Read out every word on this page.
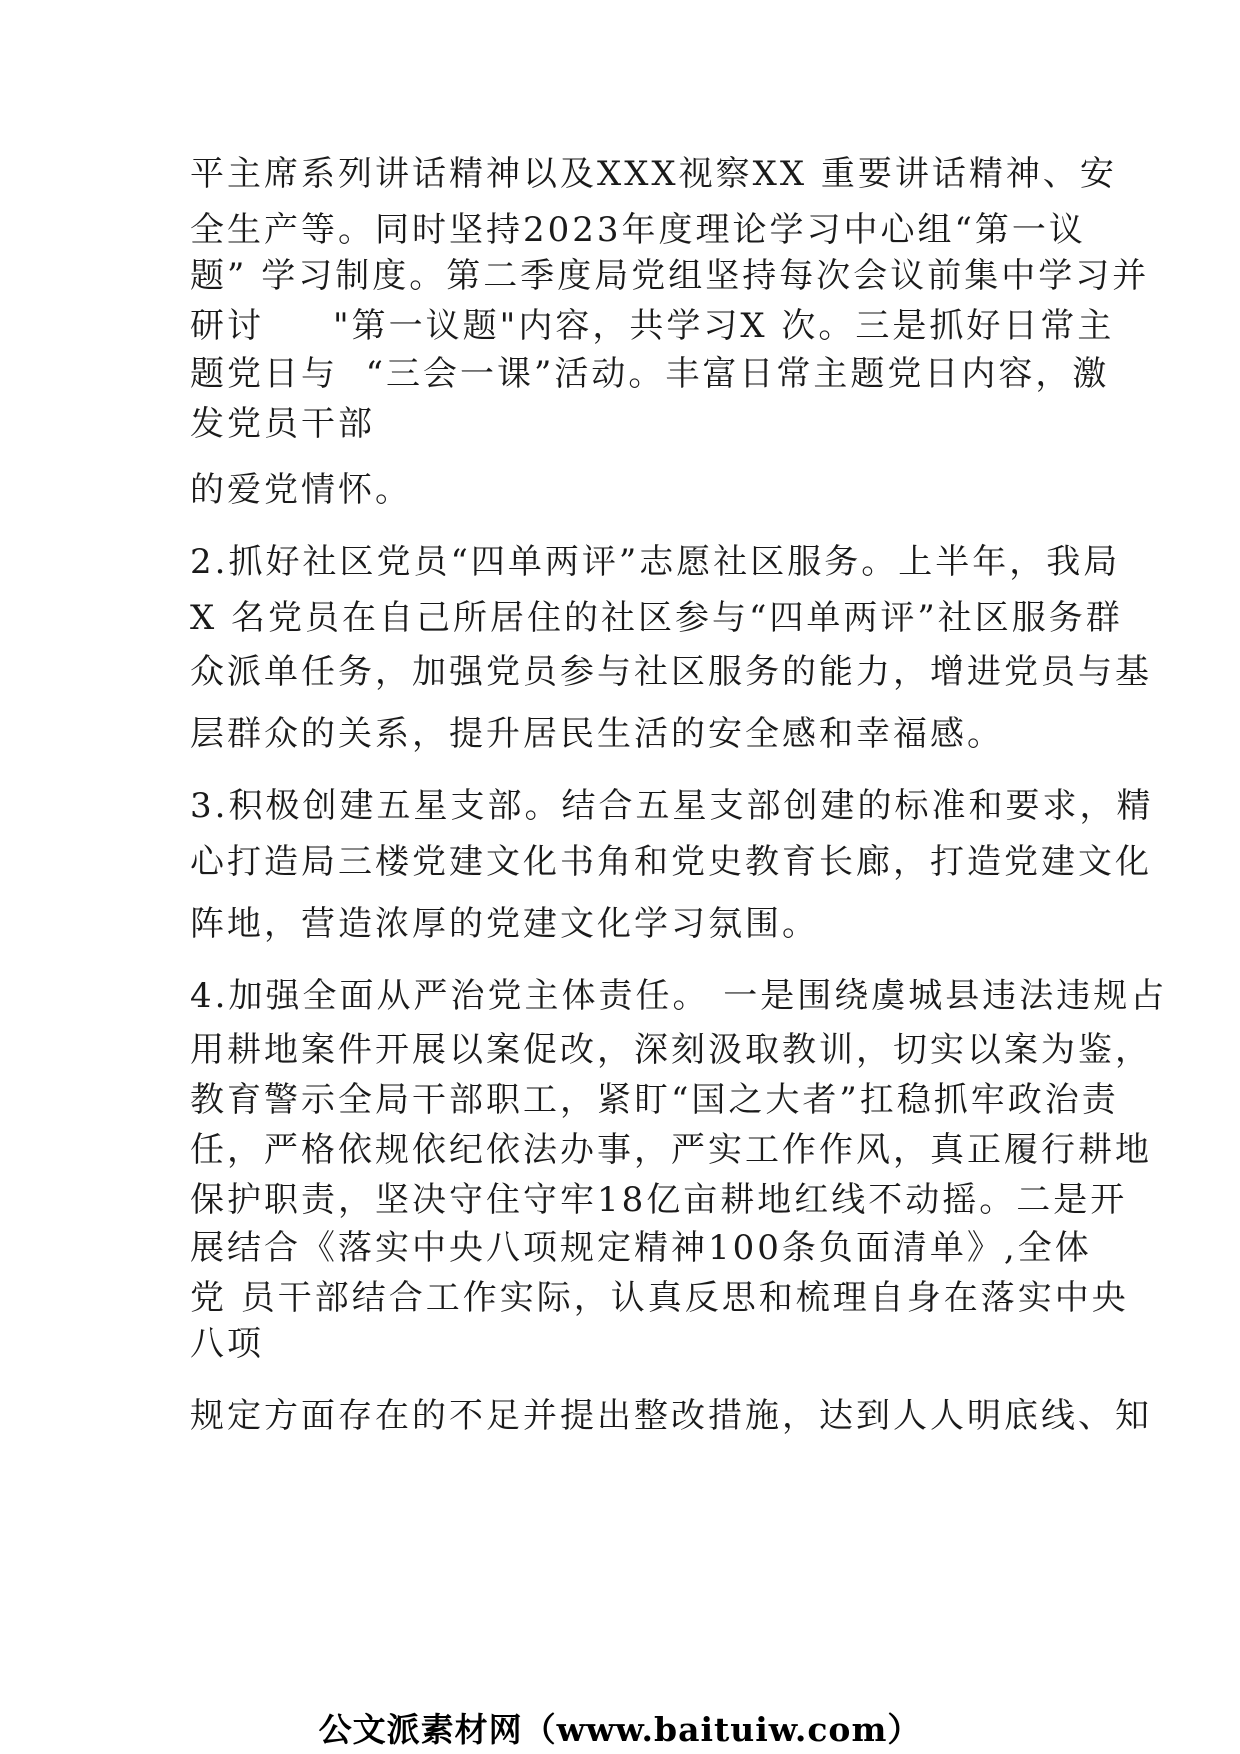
平主席系列讲话精神以及XXX视察XX 重要讲话精神、安

全生产等。同时坚持2023年度理论学习中心组“第一议

题” 学习制度。第二季度局党组坚持每次会议前集中学习并

研讨     "第一议题"内容，共学习X 次。三是抓好日常主

题党日与  “三会一课”活动。丰富日常主题党日内容，激

发党员干部

的爱党情怀。

2.抓好社区党员“四单两评”志愿社区服务。上半年，我局

X 名党员在自己所居住的社区参与“四单两评”社区服务群

众派单任务，加强党员参与社区服务的能力，增进党员与基

层群众的关系，提升居民生活的安全感和幸福感。

3.积极创建五星支部。结合五星支部创建的标准和要求，精

心打造局三楼党建文化书角和党史教育长廊，打造党建文化

阵地，营造浓厚的党建文化学习氛围。

4.加强全面从严治党主体责任。 一是围绕虞城县违法违规占

用耕地案件开展以案促改，深刻汲取教训，切实以案为鉴，

教育警示全局干部职工，紧盯“国之大者”扛稳抓牢政治责

任，严格依规依纪依法办事，严实工作作风，真正履行耕地

保护职责，坚决守住守牢18亿亩耕地红线不动摇。二是开

展结合《落实中央八项规定精神100条负面清单》,全体

党 员干部结合工作实际，认真反思和梳理自身在落实中央

八项

规定方面存在的不足并提出整改措施，达到人人明底线、知

公文派素材网（www.baituiw.com）
